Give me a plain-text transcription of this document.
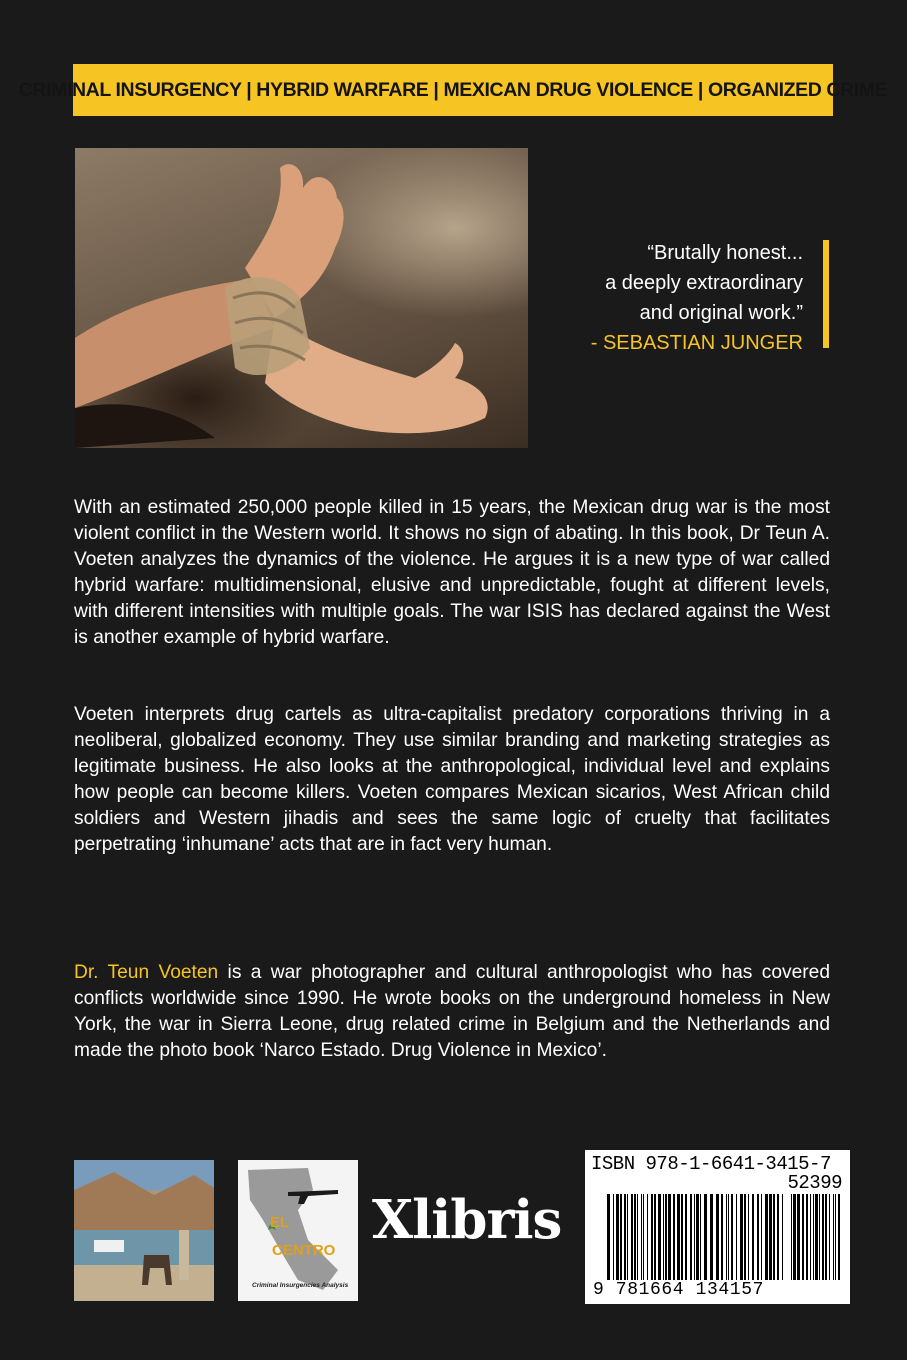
CRIMINAL INSURGENCY | HYBRID WARFARE | MEXICAN DRUG VIOLENCE | ORGANIZED CRIME
“Brutally honest...
a deeply extraordinary
and original work.”
- SEBASTIAN JUNGER

With an estimated 250,000 people killed in 15 years, the Mexican drug war is the most violent conflict in the Western world. It shows no sign of abating. In this book, Dr Teun A. Voeten analyzes the dynamics of the violence. He argues it is a new type of war called hybrid warfare: multidimensional, elusive and unpredictable, fought at different levels, with different intensities with multiple goals. The war ISIS has declared against the West is another example of hybrid warfare.

Voeten interprets drug cartels as ultra-capitalist predatory corporations thriving in a neoliberal, globalized economy. They use similar branding and marketing strategies as legitimate business. He also looks at the anthropological, individual level and explains how people can become killers. Voeten compares Mexican sicarios, West African child soldiers and Western jihadis and sees the same logic of cruelty that facilitates perpetrating ‘inhumane’ acts that are in fact very human.

Dr. Teun Voeten is a war photographer and cultural anthropologist who has covered conflicts worldwide since 1990. He wrote books on the underground homeless in New York, the war in Sierra Leone, drug related crime in Belgium and the Netherlands and made the photo book ‘Narco Estado. Drug Violence in Mexico’.

EL
CENTRO
Criminal Insurgencies Analysis
Xlibris
ISBN 978-1-6641-3415-7
52399
9 781664 134157
